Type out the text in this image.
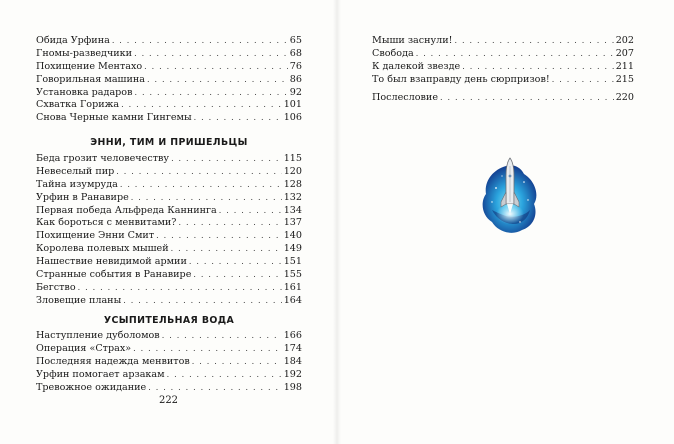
Обида Урфина . . .	65
Гномы-разведчики . . .	68
Похищение Ментахо . . .	76
Говорильная машина . . .	86
Установка радаров . . .	92
Схватка Горижа . . .	101
Снова Черные камни Гингемы . . .	106
ЭННИ, ТИМ И ПРИШЕЛЬЦЫ
Беда грозит человечеству . . .	115
Невеселый пир . . .	120
Тайна изумруда . . .	128
Урфин в Ранавире . . .	132
Первая победа Альфреда Каннинга . . .	134
Как бороться с менвитами? . . .	137
Похищение Энни Смит . . .	140
Королева полевых мышей . . .	149
Нашествие невидимой армии . . .	151
Странные события в Ранавире . . .	155
Бегство . . .	161
Зловещие планы . . .	164
УСЫПИТЕЛЬНАЯ ВОДА
Наступление дуболомов . . .	166
Операция «Страх» . . .	174
Последняя надежда менвитов . . .	184
Урфин помогает арзакам . . .	192
Тревожное ожидание . . .	198
222
Мыши заснули! . . .	202
Свобода . . .	207
К далекой звезде . . .	211
То был взаправду день сюрпризов! . . .	215
Послесловие . . .	220
